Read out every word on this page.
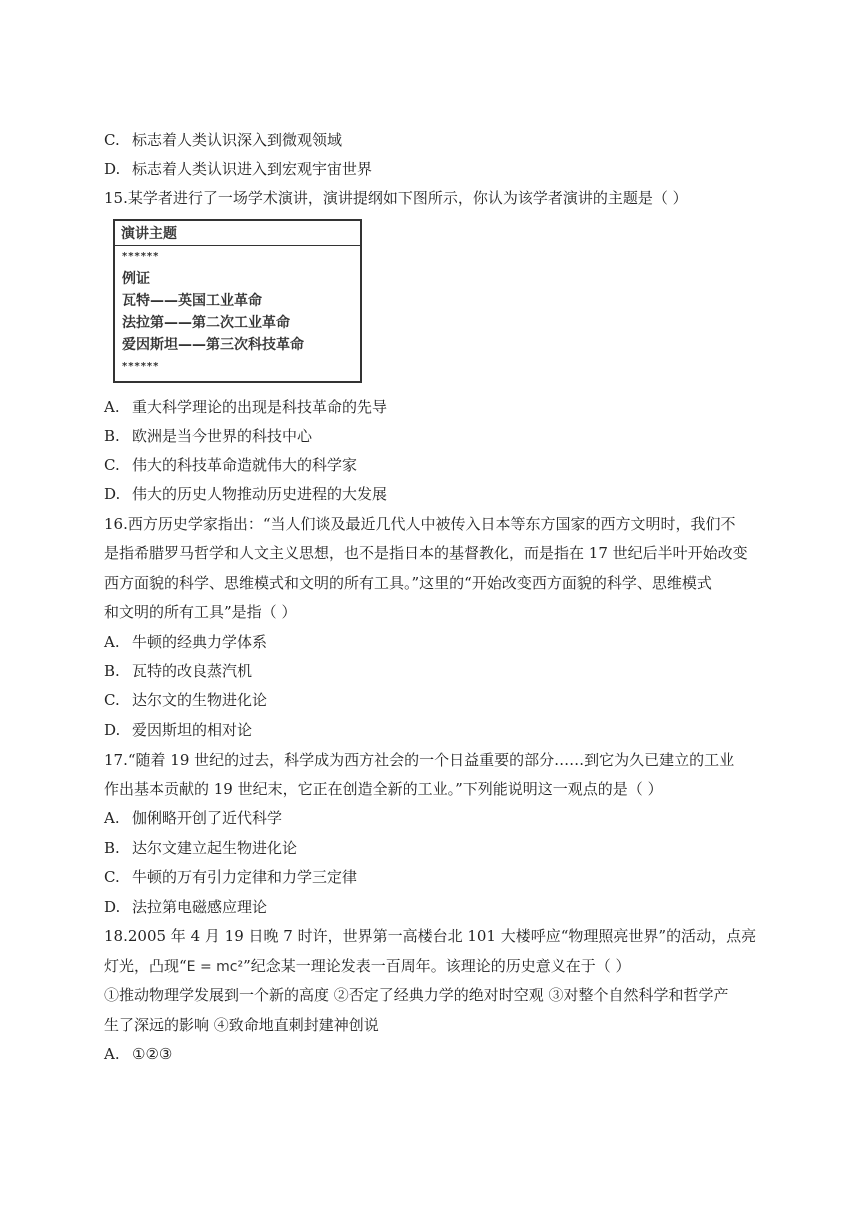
C. 标志着人类认识深入到微观领域
D. 标志着人类认识进入到宏观宇宙世界
15.某学者进行了一场学术演讲，演讲提纲如下图所示，你认为该学者演讲的主题是（ ）
演讲主题
******
例证
瓦特——英国工业革命
法拉第——第二次工业革命
爱因斯坦——第三次科技革命
******
A. 重大科学理论的出现是科技革命的先导
B. 欧洲是当今世界的科技中心
C. 伟大的科技革命造就伟大的科学家
D. 伟大的历史人物推动历史进程的大发展
16.西方历史学家指出：“当人们谈及最近几代人中被传入日本等东方国家的西方文明时，我们不
是指希腊罗马哲学和人文主义思想，也不是指日本的基督教化，而是指在 17 世纪后半叶开始改变
西方面貌的科学、思维模式和文明的所有工具。”这里的“开始改变西方面貌的科学、思维模式
和文明的所有工具”是指（ ）
A. 牛顿的经典力学体系
B. 瓦特的改良蒸汽机
C. 达尔文的生物进化论
D. 爱因斯坦的相对论
17.“随着 19 世纪的过去，科学成为西方社会的一个日益重要的部分……到它为久已建立的工业
作出基本贡献的 19 世纪末，它正在创造全新的工业。”下列能说明这一观点的是（ ）
A. 伽俐略开创了近代科学
B. 达尔文建立起生物进化论
C. 牛顿的万有引力定律和力学三定律
D. 法拉第电磁感应理论
18.2005 年 4 月 19 日晚 7 时许，世界第一高楼台北 101 大楼呼应“物理照亮世界”的活动，点亮
灯光，凸现“E = mc²”纪念某一理论发表一百周年。该理论的历史意义在于（ ）
①推动物理学发展到一个新的高度 ②否定了经典力学的绝对时空观 ③对整个自然科学和哲学产
生了深远的影响 ④致命地直刺封建神创说
A. ①②③
